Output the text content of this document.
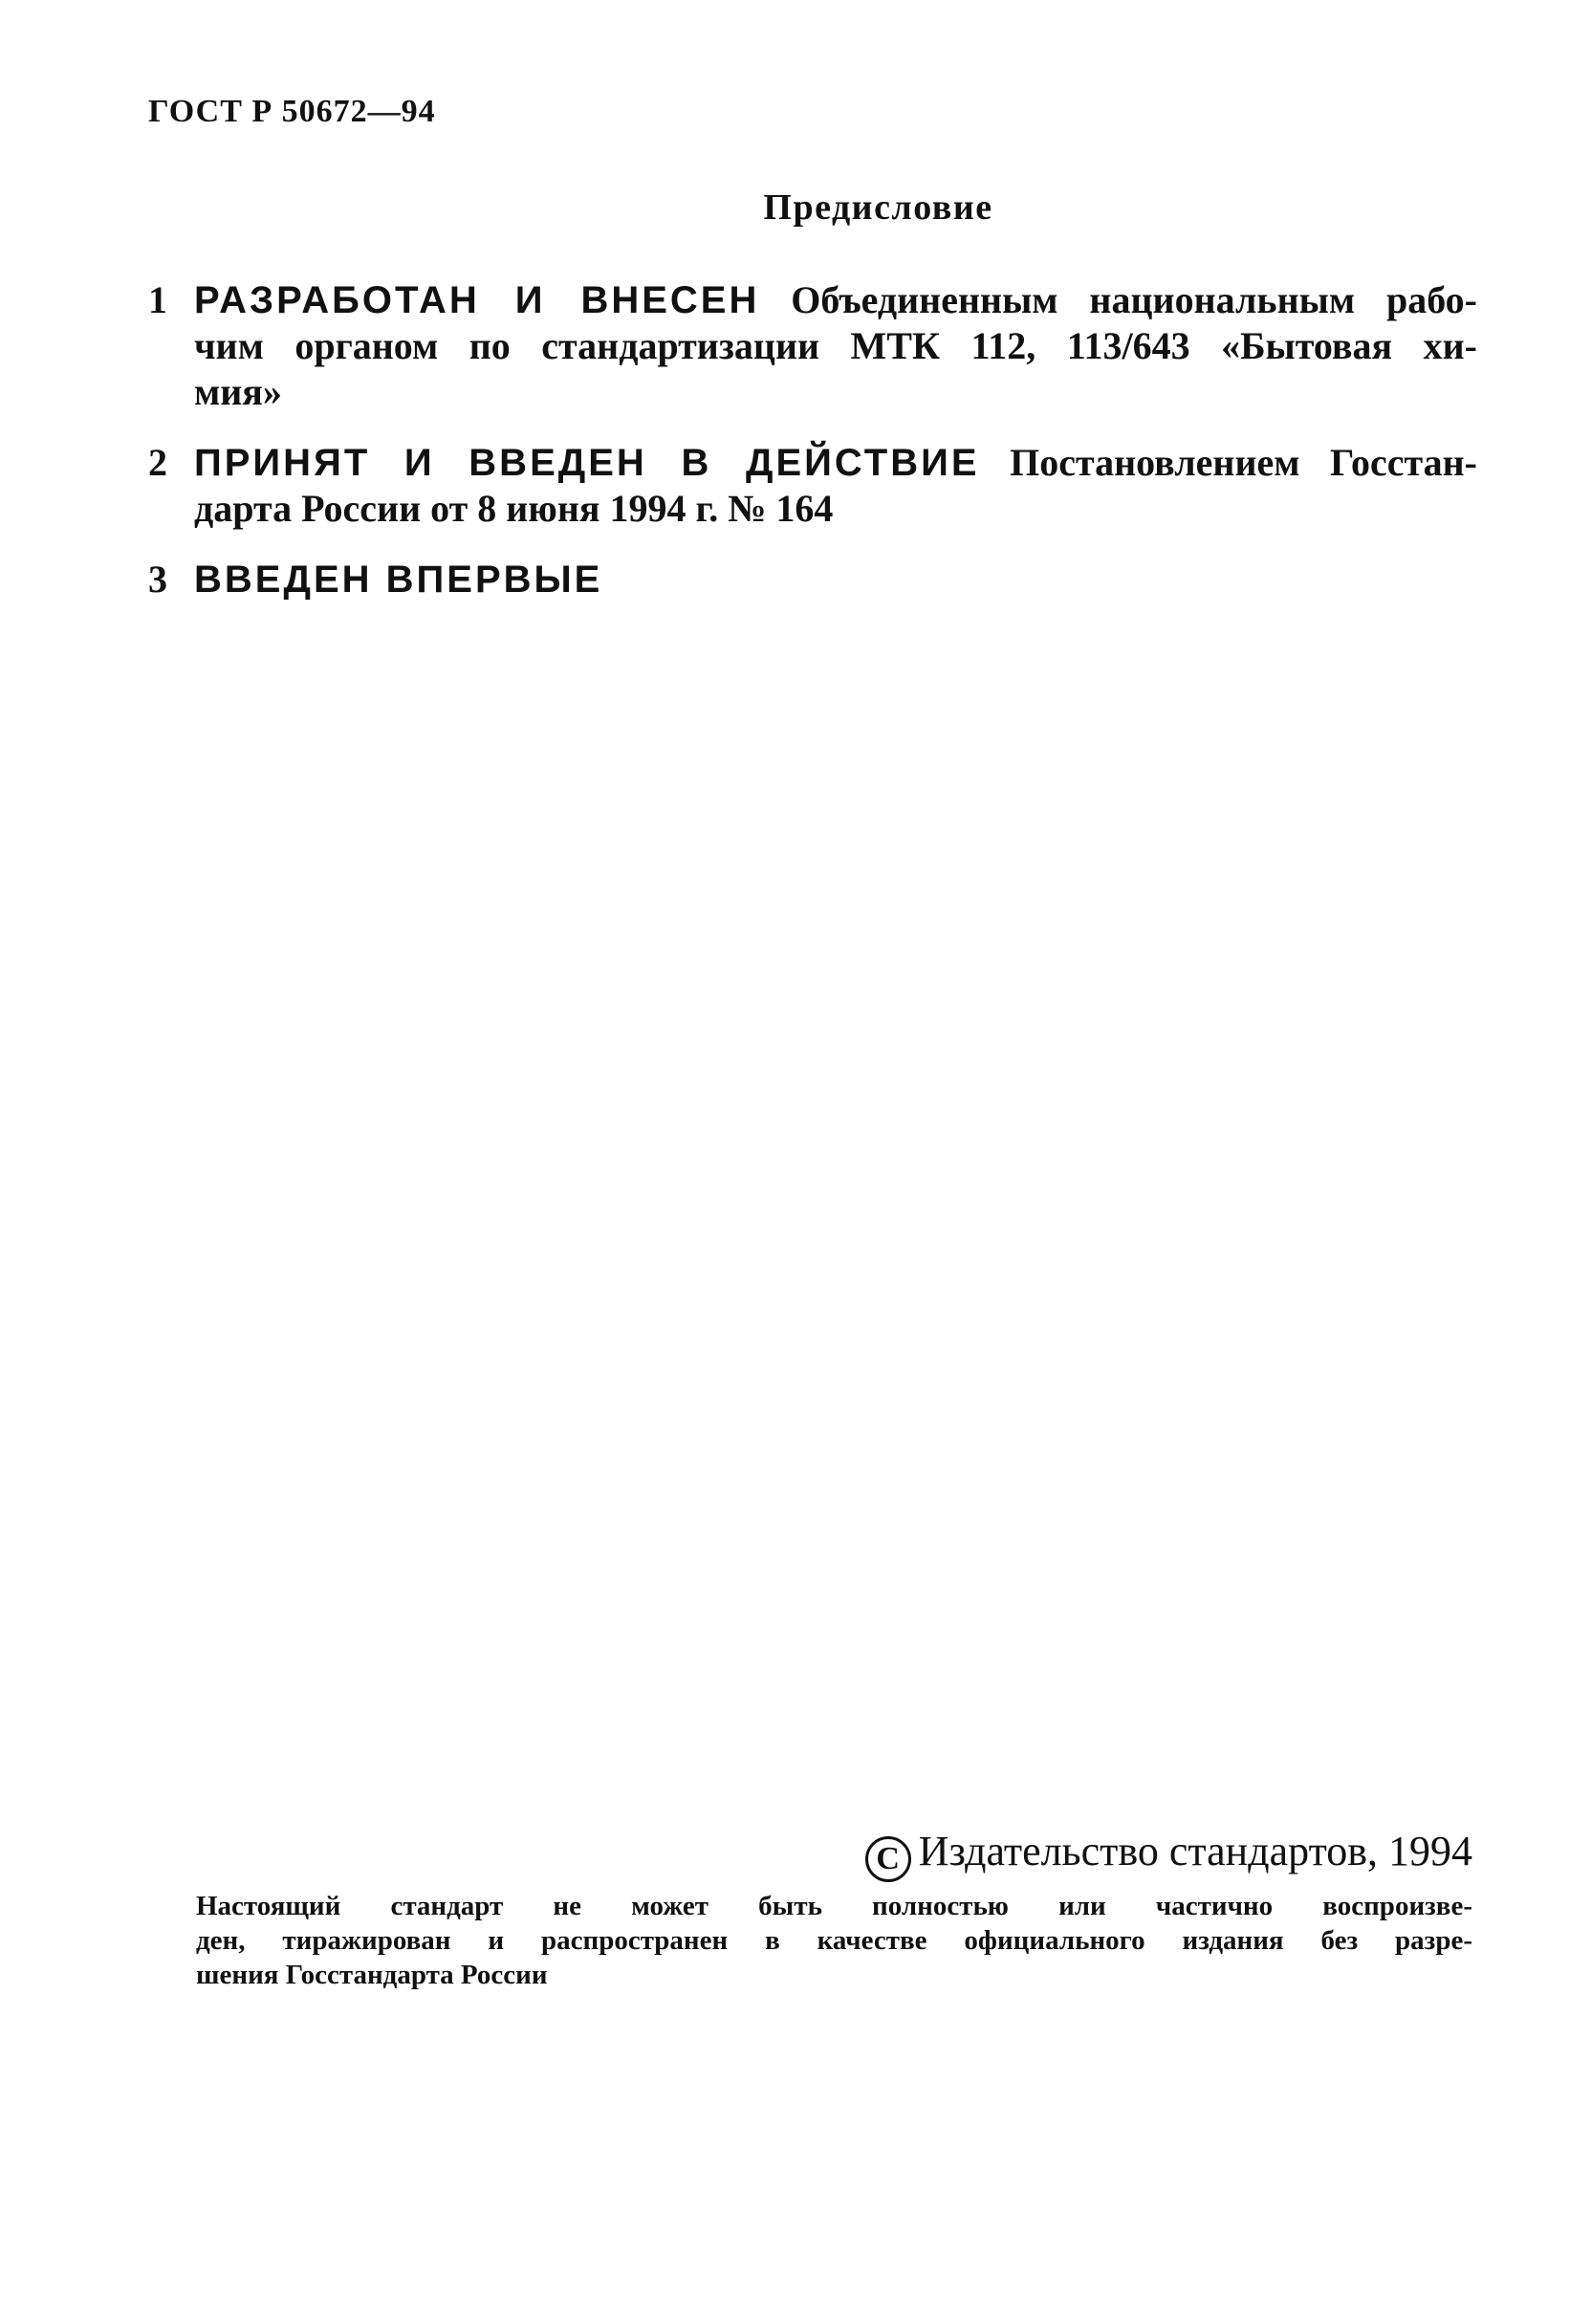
ГОСТ Р 50672—94
Предисловие
1 РАЗРАБОТАН И ВНЕСЕН Объединенным национальным рабо-
чим органом по стандартизации МТК 112, 113/643 «Бытовая хи-
мия»
2 ПРИНЯТ И ВВЕДЕН В ДЕЙСТВИЕ Постановлением Госстан-
дарта России от 8 июня 1994 г. № 164
3 ВВЕДЕН ВПЕРВЫЕ
C Издательство стандартов, 1994
Настоящий стандарт не может быть полностью или частично воспроизве-
ден, тиражирован и распространен в качестве официального издания без разре-
шения Госстандарта России
